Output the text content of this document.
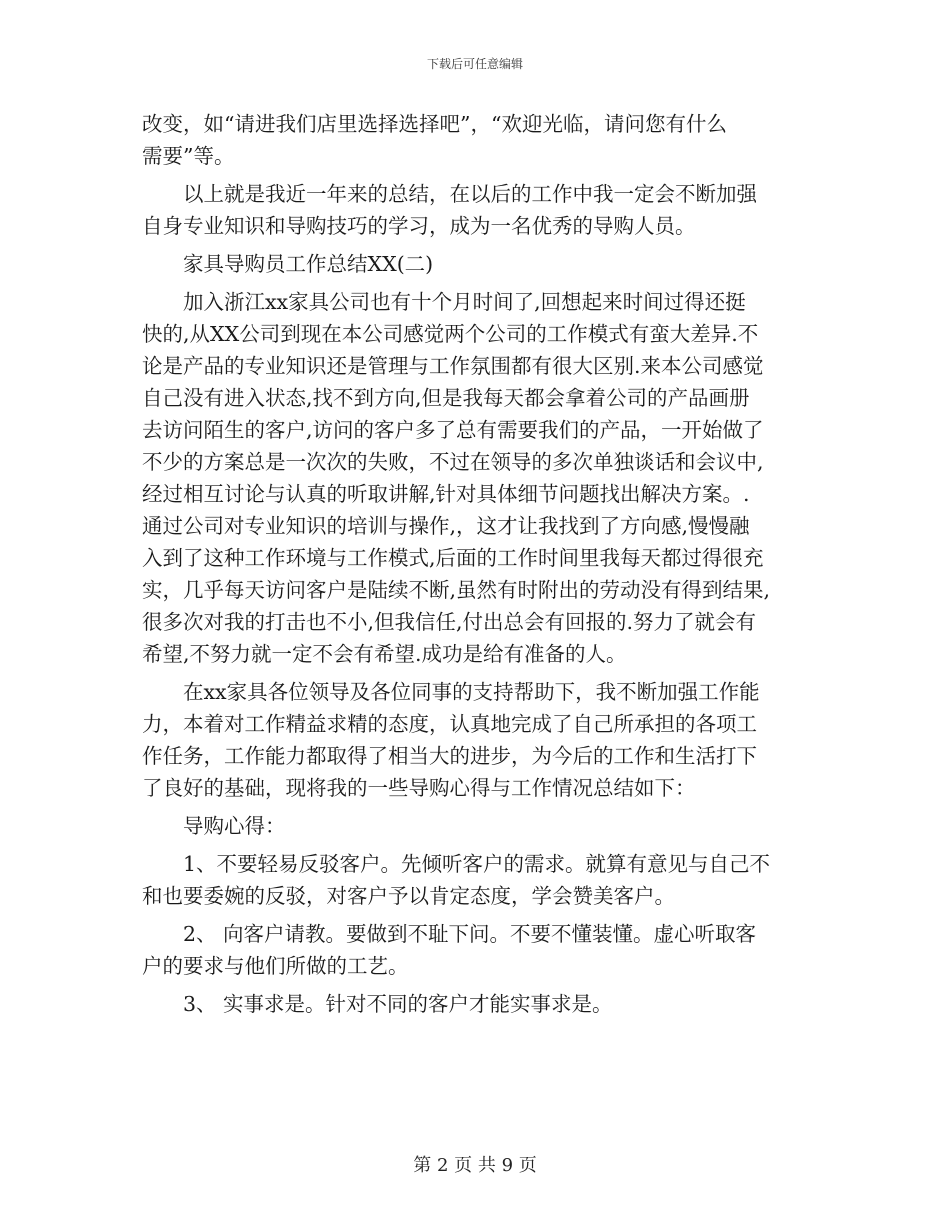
下载后可任意编辑
改变，如“请进我们店里选择选择吧”，“欢迎光临，请问您有什么
需要”等。
以上就是我近一年来的总结，在以后的工作中我一定会不断加强
自身专业知识和导购技巧的学习，成为一名优秀的导购人员。
家具导购员工作总结XX(二)
加入浙江xx家具公司也有十个月时间了,回想起来时间过得还挺
快的,从XX公司到现在本公司感觉两个公司的工作模式有蛮大差异.不
论是产品的专业知识还是管理与工作氛围都有很大区别.来本公司感觉
自己没有进入状态,找不到方向,但是我每天都会拿着公司的产品画册
去访问陌生的客户,访问的客户多了总有需要我们的产品，一开始做了
不少的方案总是一次次的失败，不过在领导的多次单独谈话和会议中,
经过相互讨论与认真的听取讲解,针对具体细节问题找出解决方案。.
通过公司对专业知识的培训与操作,，这才让我找到了方向感,慢慢融
入到了这种工作环境与工作模式,后面的工作时间里我每天都过得很充
实，几乎每天访问客户是陆续不断,虽然有时附出的劳动没有得到结果,
很多次对我的打击也不小,但我信任,付出总会有回报的.努力了就会有
希望,不努力就一定不会有希望.成功是给有准备的人。
在xx家具各位领导及各位同事的支持帮助下，我不断加强工作能
力，本着对工作精益求精的态度，认真地完成了自己所承担的各项工
作任务，工作能力都取得了相当大的进步，为今后的工作和生活打下
了良好的基础，现将我的一些导购心得与工作情况总结如下：
导购心得：
1、不要轻易反驳客户。先倾听客户的需求。就算有意见与自己不
和也要委婉的反驳，对客户予以肯定态度，学会赞美客户。
2、 向客户请教。要做到不耻下问。不要不懂装懂。虚心听取客
户的要求与他们所做的工艺。
3、 实事求是。针对不同的客户才能实事求是。
第 2 页 共 9 页
